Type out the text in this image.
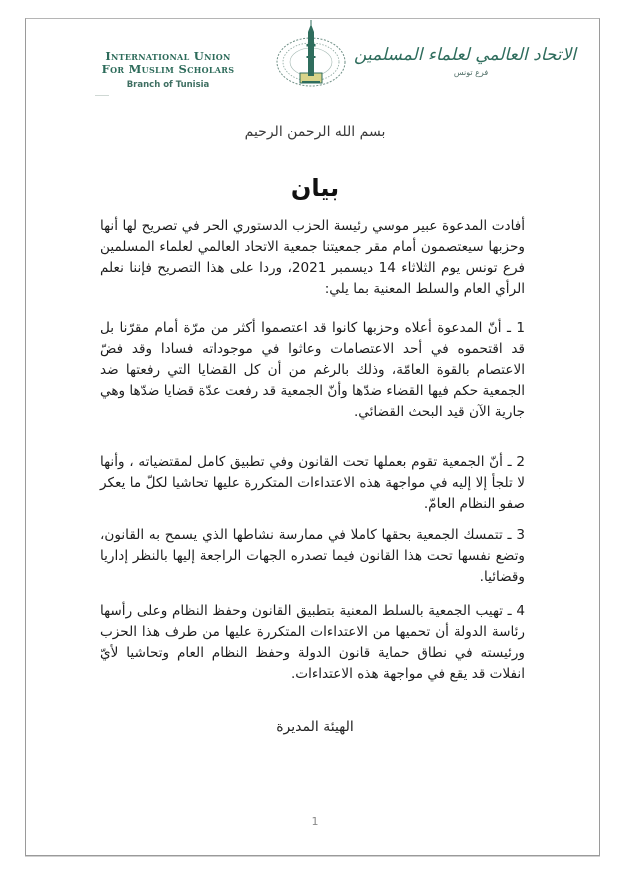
International Union
For Muslim Scholars
Branch of Tunisia
الاتحاد العالمي لعلماء المسلمين
فرع تونس
بسم الله الرحمن الرحيم
بيان
أفادت المدعوة عبير موسي رئيسة الحزب الدستوري الحر في تصريح لها أنها وحزبها سيعتصمون أمام مقر جمعيتنا جمعية الاتحاد العالمي لعلماء المسلمين فرع تونس يوم الثلاثاء 14 ديسمبر 2021، وردا على هذا التصريح فإننا نعلم الرأي العام والسلط المعنية بما يلي:
1 ـ أنّ المدعوة أعلاه وحزبها كانوا قد اعتصموا أكثر من مرّة أمام مقرّنا بل قد اقتحموه في أحد الاعتصامات وعاثوا في موجوداته فسادا وقد فضّ الاعتصام بالقوة العامّة، وذلك بالرغم من أن كل القضايا التي رفعتها ضد الجمعية حكم فيها القضاء ضدّها وأنّ الجمعية قد رفعت عدّة قضايا ضدّها وهي جارية الآن قيد البحث القضائي.
2 ـ أنّ الجمعية تقوم بعملها تحت القانون وفي تطبيق كامل لمقتضياته ، وأنها لا تلجأ إلا إليه في مواجهة هذه الاعتداءات المتكررة عليها تحاشيا لكلّ ما يعكر صفو النظام العامّ.
3 ـ تتمسك الجمعية بحقها كاملا في ممارسة نشاطها الذي يسمح به القانون، وتضع نفسها تحت هذا القانون فيما تصدره الجهات الراجعة إليها بالنظر إداريا وقضائيا.
4 ـ تهيب الجمعية بالسلط المعنية بتطبيق القانون وحفظ النظام وعلى رأسها رئاسة الدولة أن تحميها من الاعتداءات المتكررة عليها من طرف هذا الحزب ورئيسته في نطاق حماية قانون الدولة وحفظ النظام العام وتحاشيا لأيّ انفلات قد يقع في مواجهة هذه الاعتداءات.
الهيئة المديرة
1
